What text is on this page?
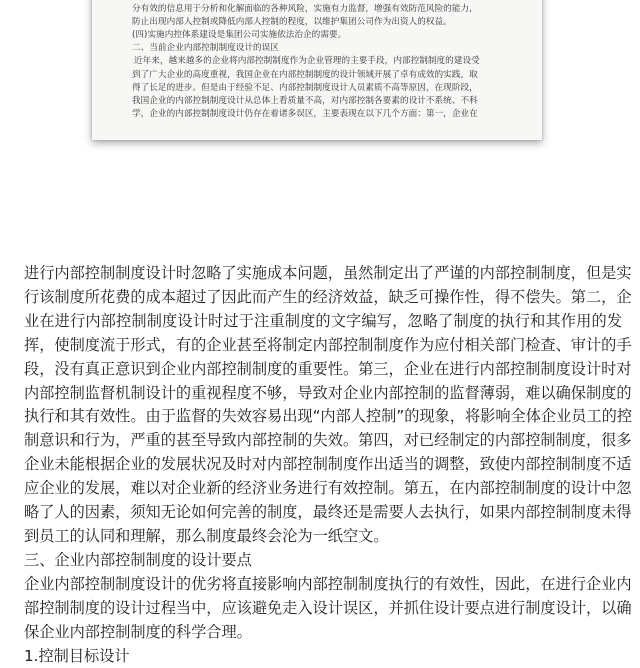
分有效的信息用于分析和化解面临的各种风险，实施有力监督，增强有效防范风险的能力，

防止出现内部人控制或降低内部人控制的程度，以维护集团公司作为出资人的权益。

(四)实施内控体系建设是集团公司实施依法治企的需要。

二、当前企业内部控制制度设计的误区

近年来，越来越多的企业将内部控制制度作为企业管理的主要手段，内部控制制度的建设受

到了广大企业的高度重视，我国企业在内部控制制度的设计领域开展了卓有成效的实践，取

得了长足的进步。但是由于经验不足、内部控制制度设计人员素质不高等原因，在现阶段，

我国企业的内部控制制度设计从总体上看质量不高，对内部控制各要素的设计不系统、不科

学，企业的内部控制制度设计仍存在着诸多误区，主要表现在以下几个方面：第一，企业在

进行内部控制制度设计时忽略了实施成本问题，虽然制定出了严谨的内部控制制度，但是实

行该制度所花费的成本超过了因此而产生的经济效益，缺乏可操作性，得不偿失。第二，企

业在进行内部控制制度设计时过于注重制度的文字编写，忽略了制度的执行和其作用的发

挥，使制度流于形式，有的企业甚至将制定内部控制制度作为应付相关部门检查、审计的手

段，没有真正意识到企业内部控制制度的重要性。第三，企业在进行内部控制制度设计时对

内部控制监督机制设计的重视程度不够，导致对企业内部控制的监督薄弱，难以确保制度的

执行和其有效性。由于监督的失效容易出现“内部人控制”的现象，将影响全体企业员工的控

制意识和行为，严重的甚至导致内部控制的失效。第四，对已经制定的内部控制制度，很多

企业未能根据企业的发展状况及时对内部控制制度作出适当的调整，致使内部控制制度不适

应企业的发展，难以对企业新的经济业务进行有效控制。第五，在内部控制制度的设计中忽

略了人的因素，须知无论如何完善的制度，最终还是需要人去执行，如果内部控制制度未得

到员工的认同和理解，那么制度最终会沦为一纸空文。

三、企业内部控制制度的设计要点

企业内部控制制度设计的优劣将直接影响内部控制制度执行的有效性，因此，在进行企业内

部控制制度的设计过程当中，应该避免走入设计误区，并抓住设计要点进行制度设计，以确

保企业内部控制制度的科学合理。

1.控制目标设计
